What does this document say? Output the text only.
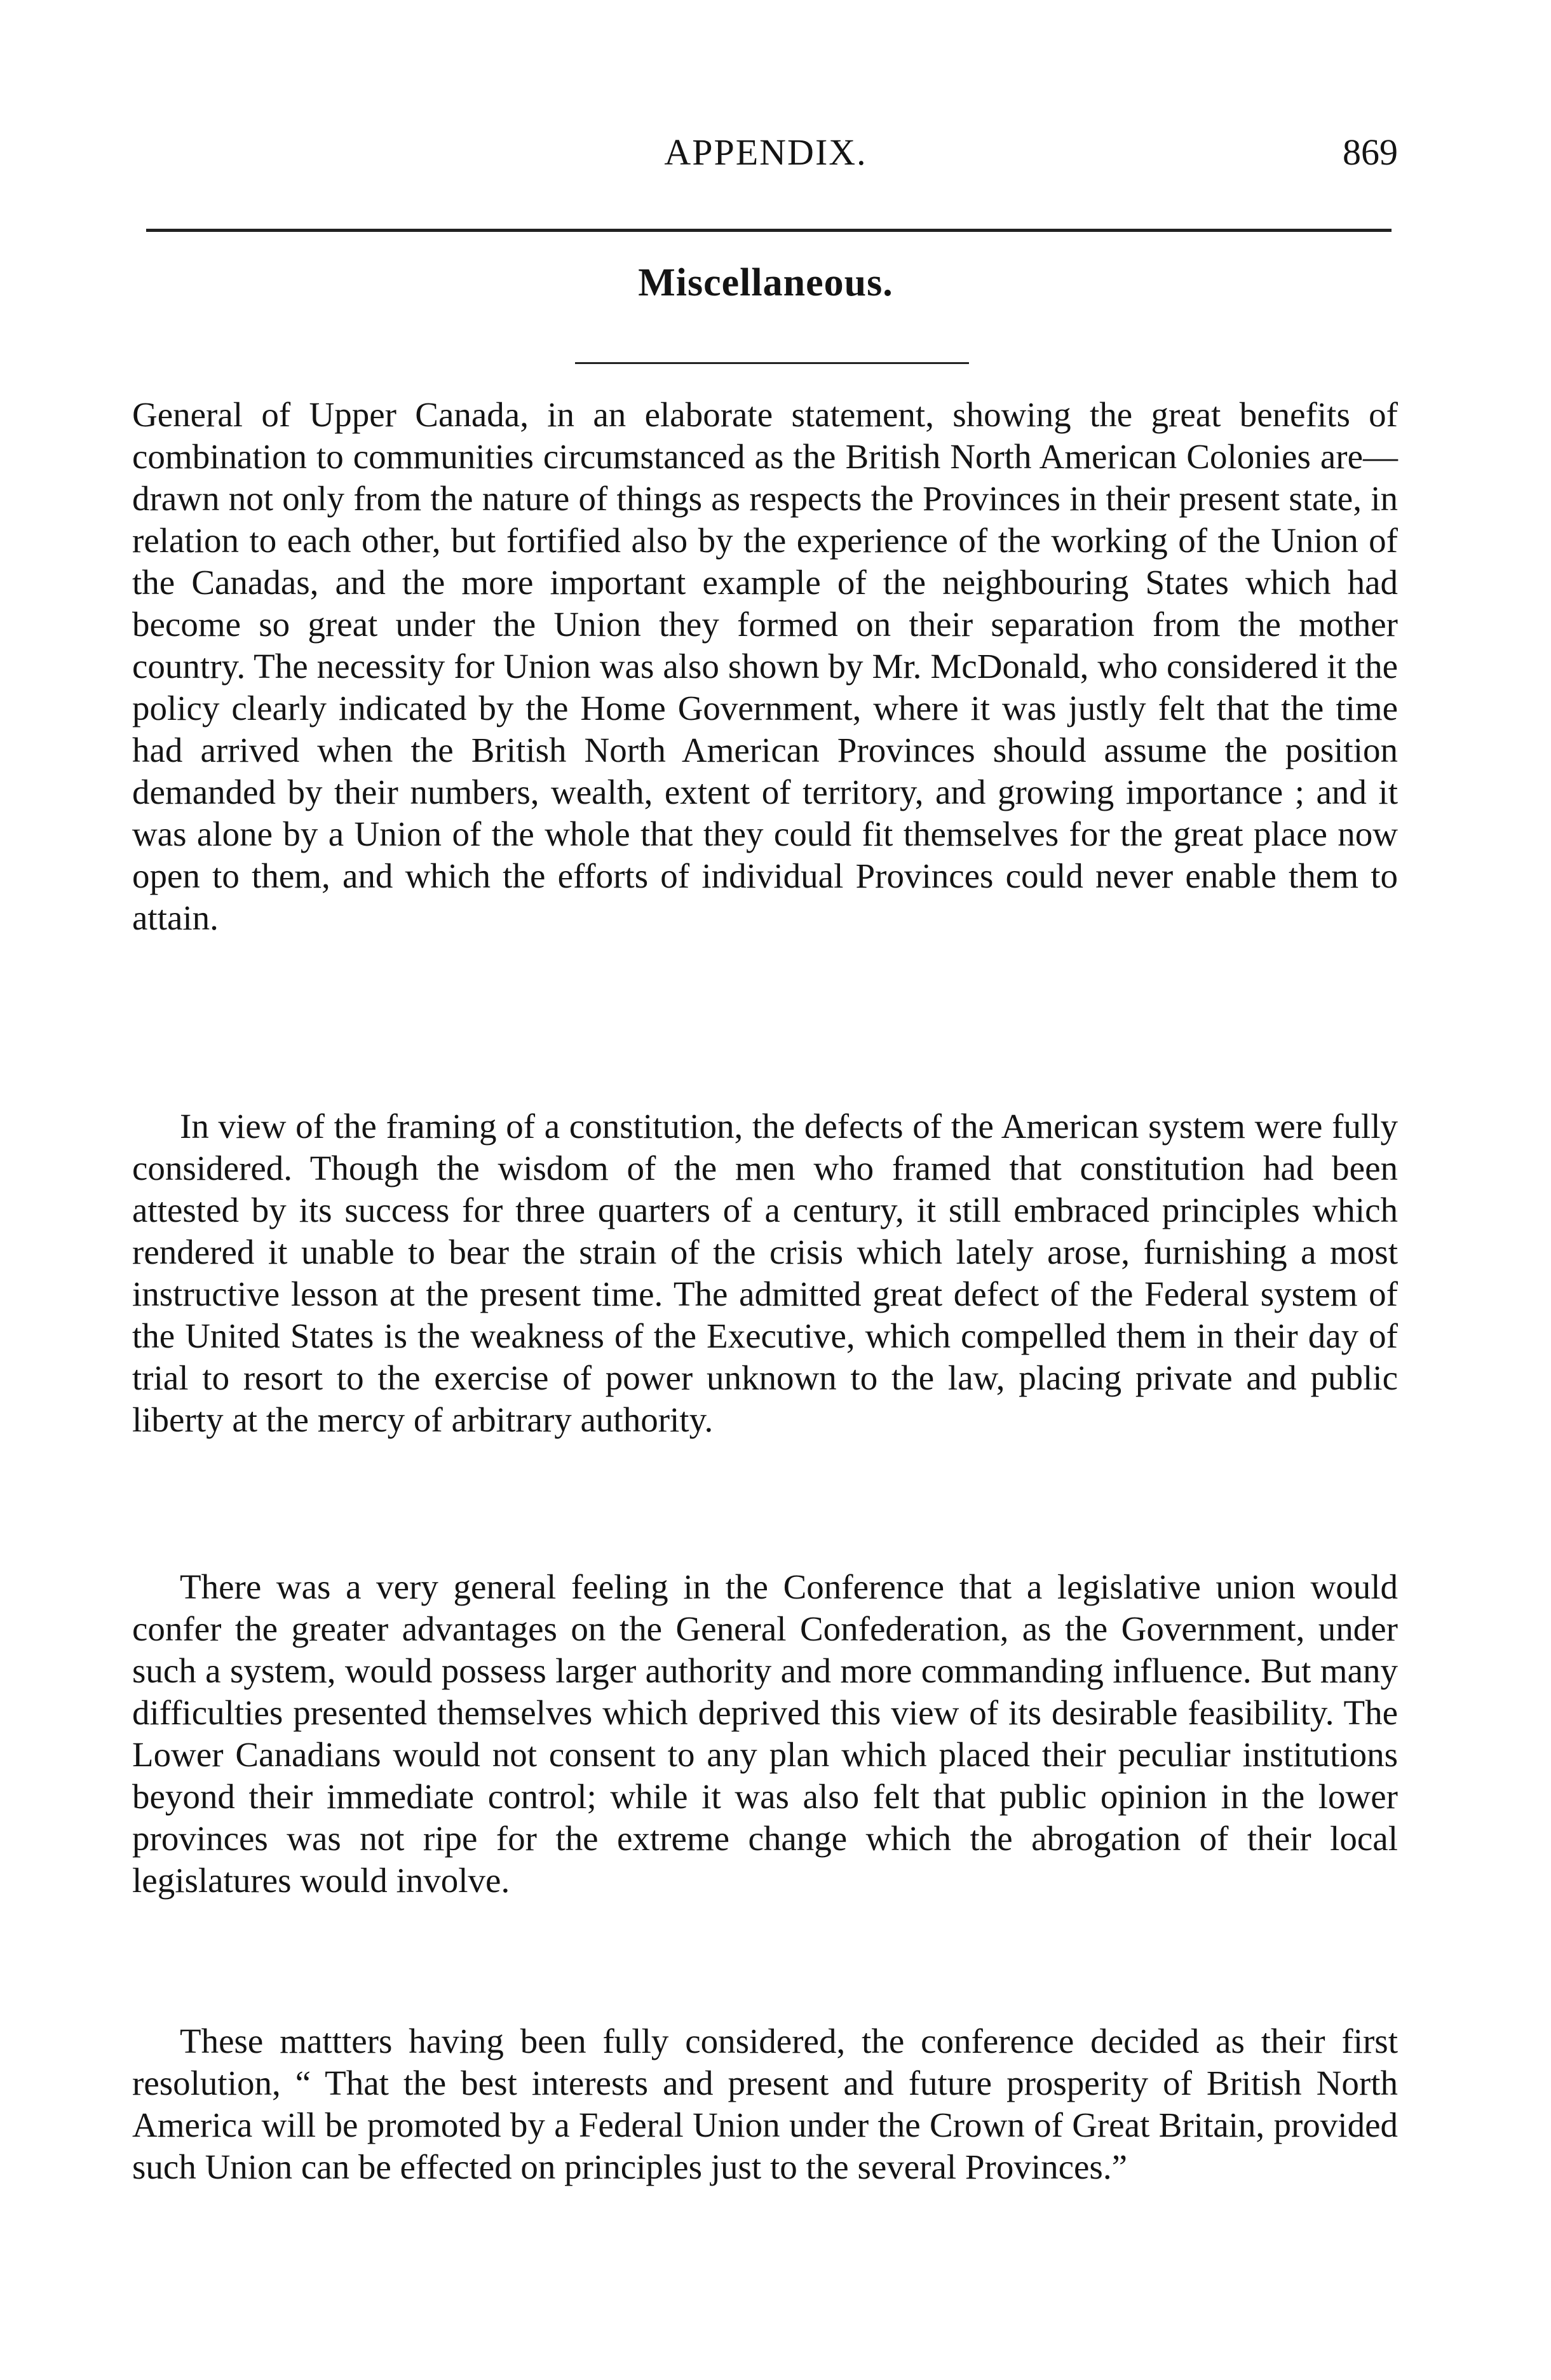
APPENDIX.	869
Miscellaneous.

General of Upper Canada, in an elaborate statement, showing the great benefits of combination to communities circumstanced as the British North American Colonies are—drawn not only from the nature of things as respects the Provinces in their present state, in relation to each other, but fortified also by the experience of the working of the Union of the Canadas, and the more important example of the neighbouring States which had become so great under the Union they formed on their separation from the mother country. The necessity for Union was also shown by Mr. McDonald, who considered it the policy clearly indicated by the Home Government, where it was justly felt that the time had arrived when the British North American Provinces should assume the position demanded by their numbers, wealth, extent of territory, and growing importance ; and it was alone by a Union of the whole that they could fit themselves for the great place now open to them, and which the efforts of individual Provinces could never enable them to attain.

In view of the framing of a constitution, the defects of the American system were fully considered. Though the wisdom of the men who framed that constitution had been attested by its success for three quarters of a century, it still embraced principles which rendered it unable to bear the strain of the crisis which lately arose, furnishing a most instructive lesson at the present time. The admitted great defect of the Federal system of the United States is the weakness of the Executive, which compelled them in their day of trial to resort to the exercise of power unknown to the law, placing private and public liberty at the mercy of arbitrary authority.

There was a very general feeling in the Conference that a legislative union would confer the greater advantages on the General Confederation, as the Government, under such a system, would possess larger authority and more commanding influence. But many difficulties presented themselves which deprived this view of its desirable feasibility. The Lower Canadians would not consent to any plan which placed their peculiar institutions beyond their immediate control; while it was also felt that public opinion in the lower provinces was not ripe for the extreme change which the abrogation of their local legislatures would involve.

These mattters having been fully considered, the conference decided as their first resolution, “ That the best interests and present and future prosperity of British North America will be promoted by a Federal Union under the Crown of Great Britain, provided such Union can be effected on principles just to the several Provinces.”
